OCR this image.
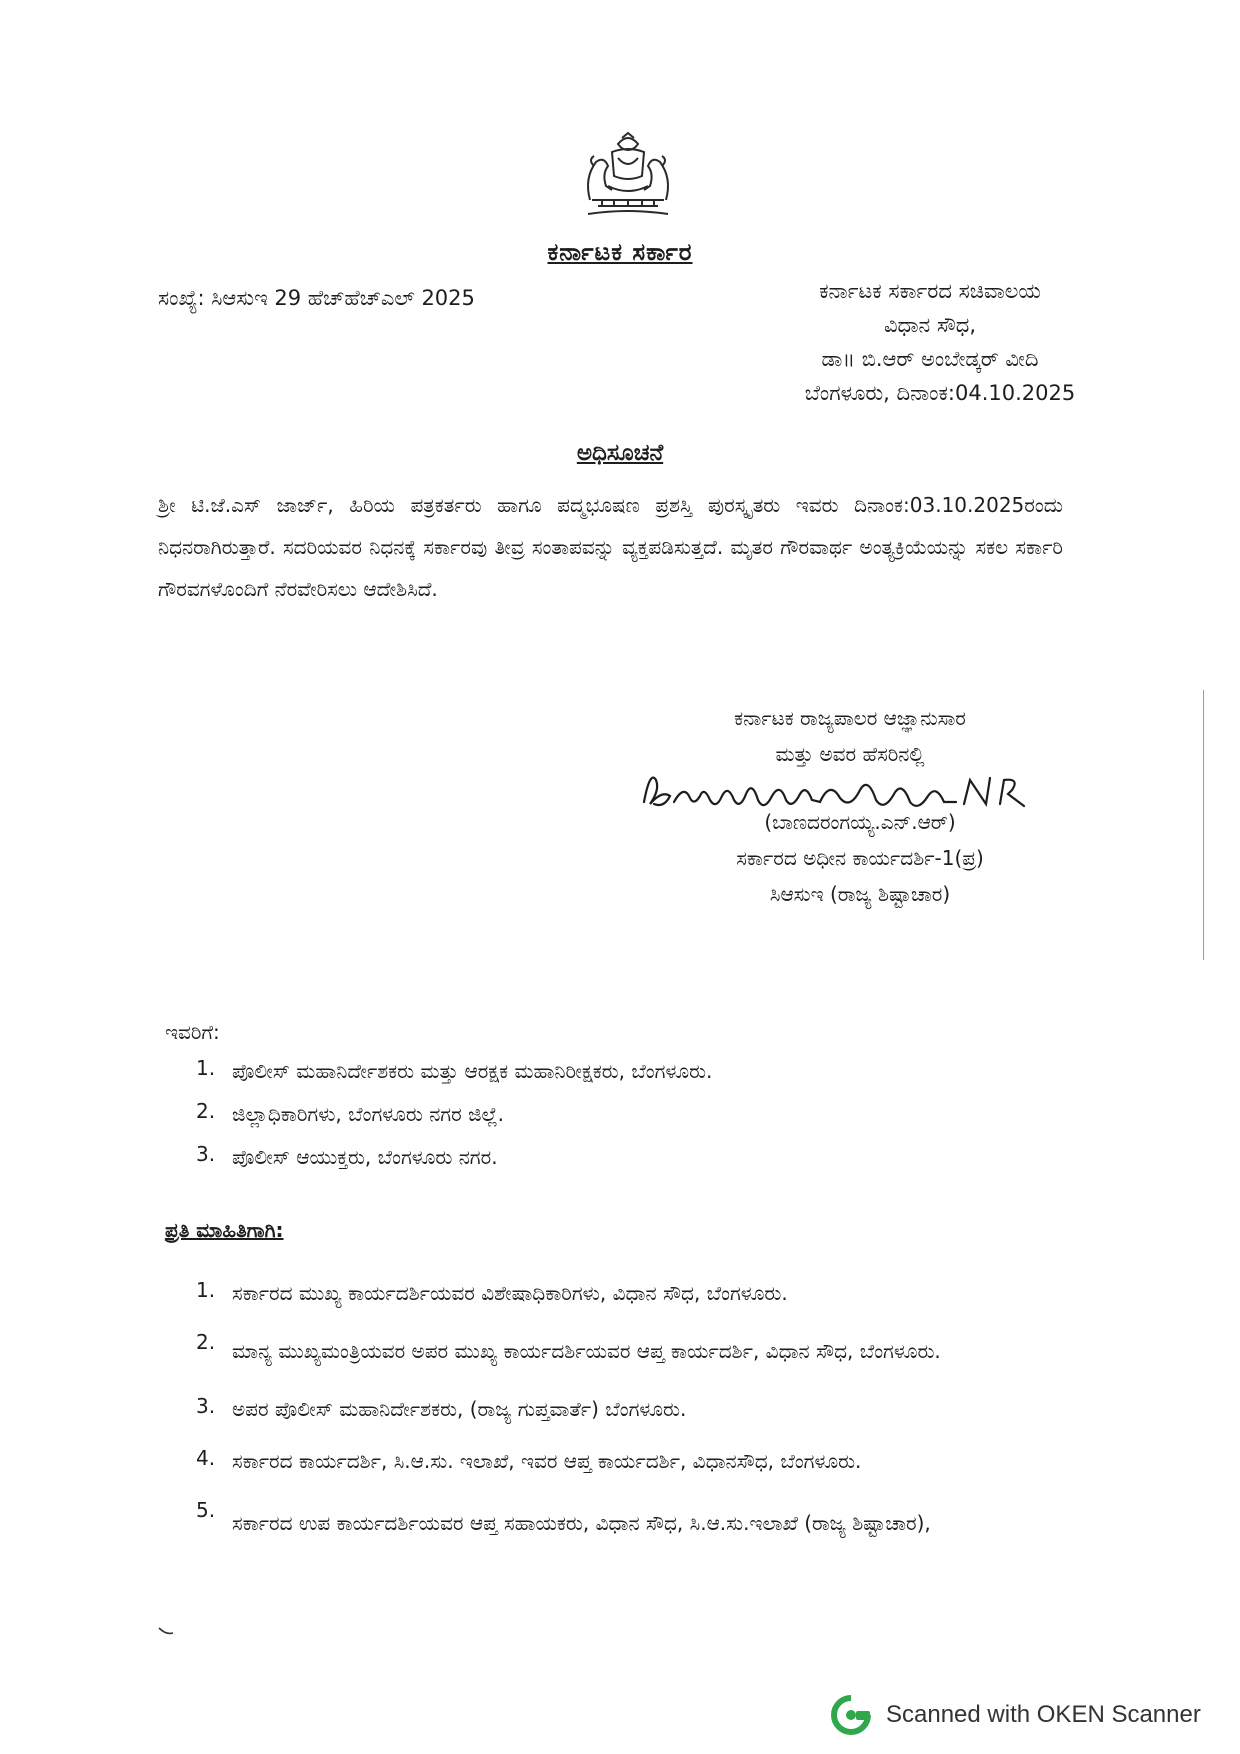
ಕರ್ನಾಟಕ ಸರ್ಕಾರ
ಸಂಖ್ಯೆ: ಸಿಆಸುಇ 29 ಹೆಚ್‌ಹೆಚ್‌ಎಲ್ 2025	ಕರ್ನಾಟಕ ಸರ್ಕಾರದ ಸಚಿವಾಲಯ
ವಿಧಾನ ಸೌಧ,
ಡಾ॥ ಬಿ.ಆರ್ ಅಂಬೇಡ್ಕರ್ ವೀದಿ
ಬೆಂಗಳೂರು, ದಿನಾಂಕ:04.10.2025
ಅಧಿಸೂಚನೆ
ಶ್ರೀ ಟಿ.ಜೆ.ಎಸ್ ಜಾರ್ಜ್, ಹಿರಿಯ ಪತ್ರಕರ್ತರು ಹಾಗೂ ಪದ್ಮಭೂಷಣ ಪ್ರಶಸ್ತಿ ಪುರಸ್ಕೃತರು ಇವರು ದಿನಾಂಕ:03.10.2025ರಂದು ನಿಧನರಾಗಿರುತ್ತಾರೆ. ಸದರಿಯವರ ನಿಧನಕ್ಕೆ ಸರ್ಕಾರವು ತೀವ್ರ ಸಂತಾಪವನ್ನು ವ್ಯಕ್ತಪಡಿಸುತ್ತದೆ. ಮೃತರ ಗೌರವಾರ್ಥ ಅಂತ್ಯಕ್ರಿಯೆಯನ್ನು ಸಕಲ ಸರ್ಕಾರಿ ಗೌರವಗಳೊಂದಿಗೆ ನೆರವೇರಿಸಲು ಆದೇಶಿಸಿದೆ.
ಕರ್ನಾಟಕ ರಾಜ್ಯಪಾಲರ ಆಜ್ಞಾನುಸಾರ
ಮತ್ತು ಅವರ ಹೆಸರಿನಲ್ಲಿ
(ಬಾಣದರಂಗಯ್ಯ.ಎನ್.ಆರ್)
ಸರ್ಕಾರದ ಅಧೀನ ಕಾರ್ಯದರ್ಶಿ-1(ಪ್ರ)
ಸಿಆಸುಇ (ರಾಜ್ಯ ಶಿಷ್ಟಾಚಾರ)
ಇವರಿಗೆ:
1. ಪೊಲೀಸ್ ಮಹಾನಿರ್ದೇಶಕರು ಮತ್ತು ಆರಕ್ಷಕ ಮಹಾನಿರೀಕ್ಷಕರು, ಬೆಂಗಳೂರು.
2. ಜಿಲ್ಲಾಧಿಕಾರಿಗಳು, ಬೆಂಗಳೂರು ನಗರ ಜಿಲ್ಲೆ.
3. ಪೊಲೀಸ್ ಆಯುಕ್ತರು, ಬೆಂಗಳೂರು ನಗರ.
ಪ್ರತಿ ಮಾಹಿತಿಗಾಗಿ:
1. ಸರ್ಕಾರದ ಮುಖ್ಯ ಕಾರ್ಯದರ್ಶಿಯವರ ವಿಶೇಷಾಧಿಕಾರಿಗಳು, ವಿಧಾನ ಸೌಧ, ಬೆಂಗಳೂರು.
2. ಮಾನ್ಯ ಮುಖ್ಯಮಂತ್ರಿಯವರ ಅಪರ ಮುಖ್ಯ ಕಾರ್ಯದರ್ಶಿಯವರ ಆಪ್ತ ಕಾರ್ಯದರ್ಶಿ, ವಿಧಾನ ಸೌಧ, ಬೆಂಗಳೂರು.
3. ಅಪರ ಪೊಲೀಸ್ ಮಹಾನಿರ್ದೇಶಕರು, (ರಾಜ್ಯ ಗುಪ್ತವಾರ್ತೆ) ಬೆಂಗಳೂರು.
4. ಸರ್ಕಾರದ ಕಾರ್ಯದರ್ಶಿ, ಸಿ.ಆ.ಸು. ಇಲಾಖೆ, ಇವರ ಆಪ್ತ ಕಾರ್ಯದರ್ಶಿ, ವಿಧಾನಸೌಧ, ಬೆಂಗಳೂರು.
5.
ಸರ್ಕಾರದ ಉಪ ಕಾರ್ಯದರ್ಶಿಯವರ ಆಪ್ತ ಸಹಾಯಕರು, ವಿಧಾನ ಸೌಧ, ಸಿ.ಆ.ಸು.ಇಲಾಖೆ (ರಾಜ್ಯ ಶಿಷ್ಟಾಚಾರ),
Scanned with OKEN Scanner
